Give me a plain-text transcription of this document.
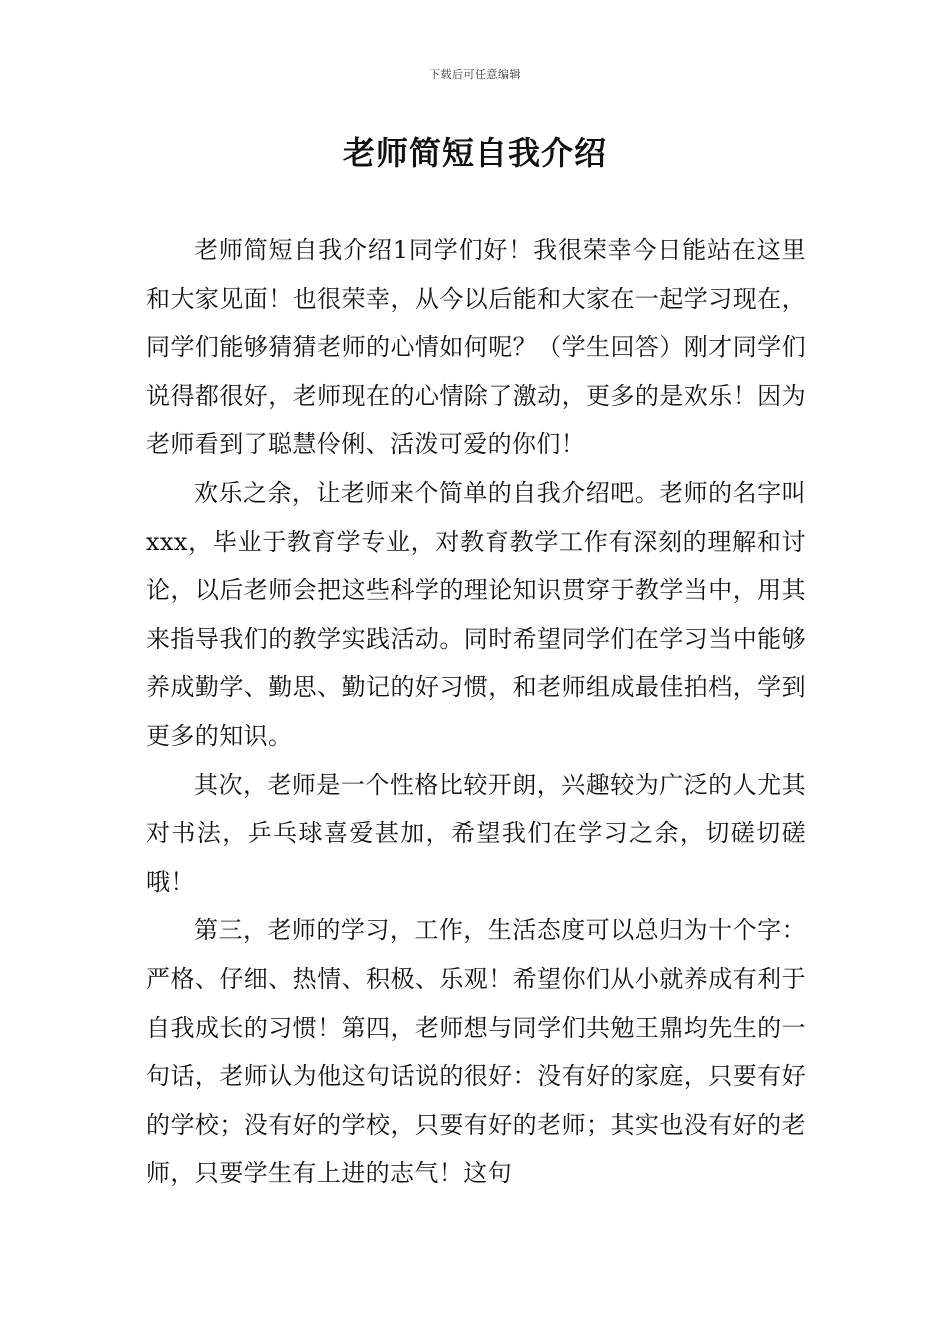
下载后可任意编辑
老师简短自我介绍

老师简短自我介绍1同学们好！我很荣幸今日能站在这里和大家见面！也很荣幸，从今以后能和大家在一起学习现在，同学们能够猜猜老师的心情如何呢？（学生回答）刚才同学们说得都很好，老师现在的心情除了激动，更多的是欢乐！因为老师看到了聪慧伶俐、活泼可爱的你们！

欢乐之余，让老师来个简单的自我介绍吧。老师的名字叫xxx，毕业于教育学专业，对教育教学工作有深刻的理解和讨论，以后老师会把这些科学的理论知识贯穿于教学当中，用其来指导我们的教学实践活动。同时希望同学们在学习当中能够养成勤学、勤思、勤记的好习惯，和老师组成最佳拍档，学到更多的知识。

其次，老师是一个性格比较开朗，兴趣较为广泛的人尤其对书法，乒乓球喜爱甚加，希望我们在学习之余，切磋切磋哦！

第三，老师的学习，工作，生活态度可以总归为十个字：严格、仔细、热情、积极、乐观！希望你们从小就养成有利于自我成长的习惯！第四，老师想与同学们共勉王鼎均先生的一句话，老师认为他这句话说的很好：没有好的家庭，只要有好的学校；没有好的学校，只要有好的老师；其实也没有好的老师，只要学生有上进的志气！这句
